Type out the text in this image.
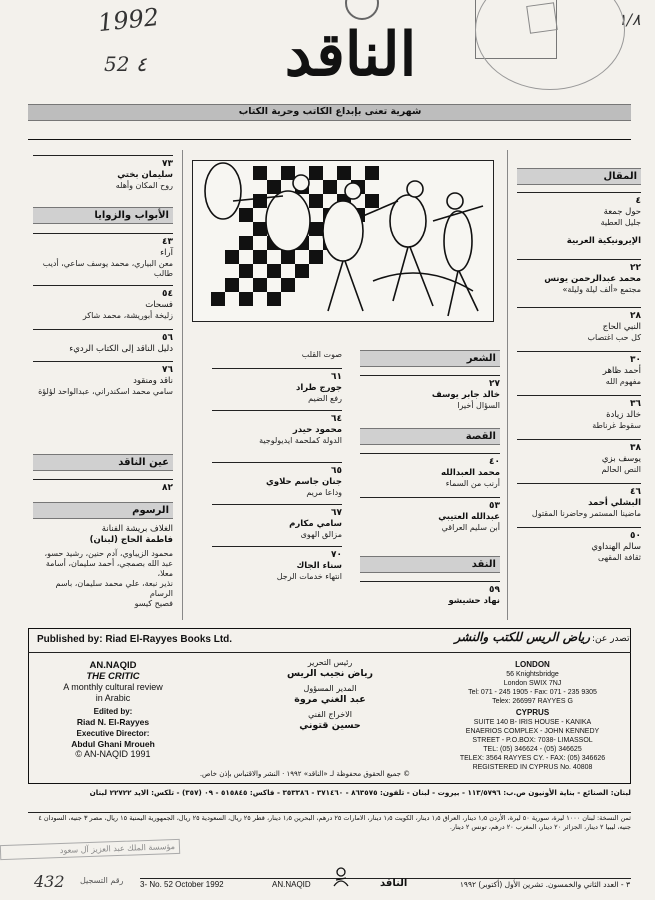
1992
52 ٤
١/٨
الناقد
شهرية تعنى بإبداع الكاتب وحرية الكتاب
المقال
٤
حول جمعة
جليل العطية
الإيرونيكية العربية
٢٢
محمد عبدالرحمن يونس
مجتمع «ألف ليلة وليلة»
٢٨
النبي الحاج
كل حب اغتصاب
٣٠
أحمد ظاهر
مفهوم الله
٣٦
خالد زيادة
سقوط غرناطة
٣٨
يوسف بزي
النص الحالم
٤٦
البشلي أحمد
ماضينا المستمر وحاضرنا المقتول
٥٠
سالم الهنداوي
ثقافة المقهى
الشعر
٢٧
خالد جابر يوسف
السؤال أخيرا
القصة
٤٠
محمد العبدالله
أرنب من السماء
٥٣
عبدالله العتيبي
أبن سليم العراقي
النقد
٥٩
نهاد حشيشو
صوت القلب
٦١
جورج طراد
رفع الضيم
٦٤
محمود حيدر
الدولة كملحمة ايديولوجية
٦٥
جنان جاسم حلاوي
وداعا مريم
٦٧
سامي مكارم
مزالق الهوى
٧٠
سناء الجاك
انتهاء خدمات الرجل
٧٣
سليمان بختي
روح المكان وأهله
الأبواب والزوايا
٤٣
آراء
معن البياري، محمد يوسف ساعي، أديب طالب
٥٤
فسحات
زليخة أبوريشة، محمد شاكر
٥٦
دليل الناقد إلى الكتاب الرديء
٧٦
ناقد ومنقود
سامي محمد اسكندراني، عبدالواحد لؤلؤة
عين الناقد
٨٢
الرسوم
الغلاف بريشة الفنانة
فاطمة الحاج (لبنان)
محمود الزيباوي، آدم حنين، رشيد حسو،
عبد الله بصمجي، أحمد سليمان، أسامة معلا،
نذير نبعة، علي محمد سليمان، باسم الرسام
فصيح كيسو
Published by: Riad El-Rayyes Books Ltd.	تصدر عن:
رياض الريس للكتب والنشر
AN.NAQID
THE CRITIC
A monthly cultural review
in Arabic
Edited by:
Riad N. El-Rayyes
Executive Director:
Abdul Ghani Mroueh
© AN-NAQID 1991
رئيس التحرير
رياض نجيب الريس
المدير المسؤول
عبد الغني مروة
الاخراج الفني
حسين قتوني
LONDON
56 Knightsbridge
London SWIX 7NJ
Tel: 071 - 245 1905 - Fax: 071 - 235 9305
Telex: 266997 RAYYES G
CYPRUS
SUITE 140 B- IRIS HOUSE - KANIKA
ENAERIOS COMPLEX - JOHN KENNEDY
STREET - P.O.BOX: 7038- LIMASSOL
TEL: (05) 346624 - (05) 346625
TELEX: 3564 RAYYES CY. - FAX: (05) 346626
REGISTERED IN CYPRUS No. 40808
© جميع الحقوق محفوظة لـ «الناقد» ١٩٩٢ · النشر والاقتباس بإذن خاص.
لبنان: الصنائع - بناية الأونيون ص.ب: ١١٣/٥٧٩٦ - بيروت - لبنان - تلفون: ٨٦٣٥٧٥ - ٣٧١٤٦٠ - ٣٥٣٣٨٦ - فاكس: ٥١٥٨٤٥ - ٠٩ (٣٥٧) - تلكس: الايد ٢٢٧٢٢ لبنان
ثمن النسخة: لبنان ١٠٠٠ ليرة، سورية ٥٠ ليرة، الأردن ١٫٥ دينار، العراق ١٫٥ دينار، الكويت ١٫٥ دينار، الامارات ٢٥ درهم، البحرين ١٫٥ دينار، قطر ٢٥ ريال، السعودية ٢٥ ريال، الجمهورية اليمنية ١٥ ريال، مصر ٣ جنيه، السودان ٤ جنيه، ليبيا ٢ دينار، الجزائر ٢٠ دينار، المغرب ٢٠ درهم، تونس ٢ دينار.
مؤسسة الملك عبد العزيز آل سعود
432 رقم التسجيل 3- No. 52 October 1992	AN.NAQID	الناقد	٣ - العدد الثاني والخمسون. تشرين الأول (أكتوبر) ١٩٩٢
